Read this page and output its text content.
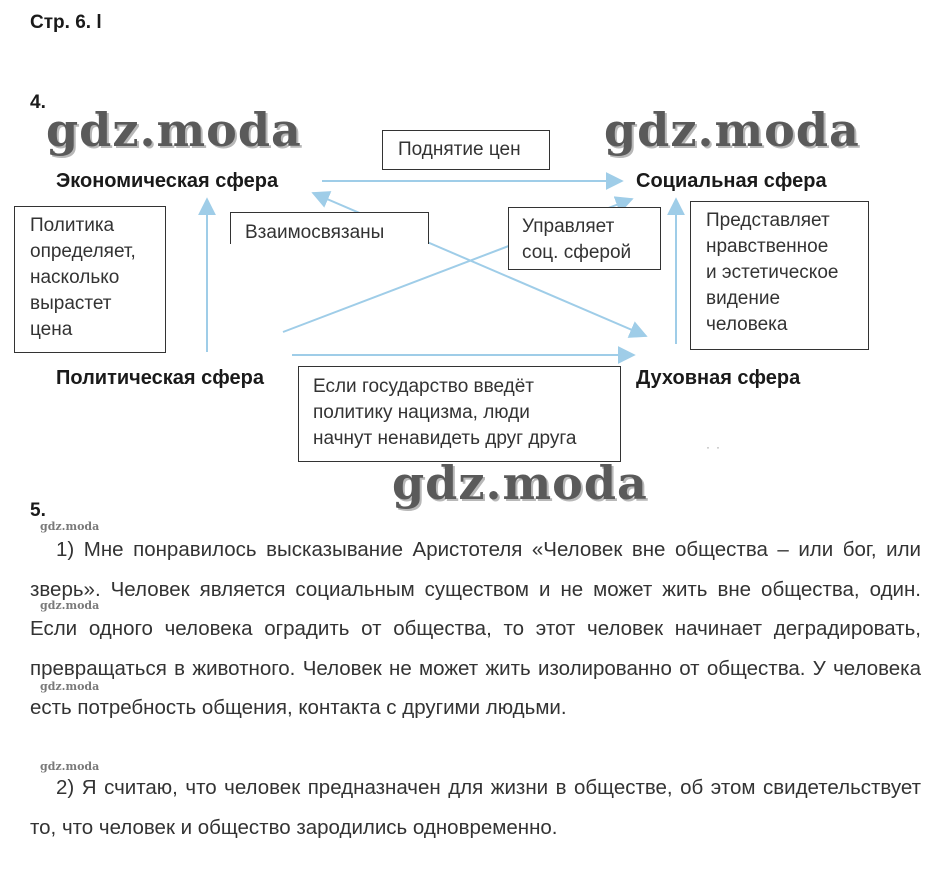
Стр. 6. l
4.
Экономическая сфера	Социальная сфера
Политическая сфера	Духовная сфера
Поднятие цен
Политика
определяет,
насколько
вырастет
цена
Взаимосвязаны	Управляет
соц. сферой
Представляет
нравственное
и эстетическое
видение
человека
Если государство введёт
политику нацизма, люди
начнут ненавидеть друг друга	··
gdz.moda	gdz.moda
gdz.moda
5.
gdz.moda
gdz.moda
gdz.moda
gdz.moda
1) Мне понравилось высказывание Аристотеля «Человек вне общества – или бог, или зверь». Человек является социальным существом и не может жить вне общества, один. Если одного человека оградить от общества, то этот человек начинает деградировать, превращаться в животного. Человек не может жить изолированно от общества. У человека есть потребность общения, контакта с другими людьми.
2) Я считаю, что человек предназначен для жизни в обществе, об этом свидетельствует то, что человек и общество зародились одновременно.
